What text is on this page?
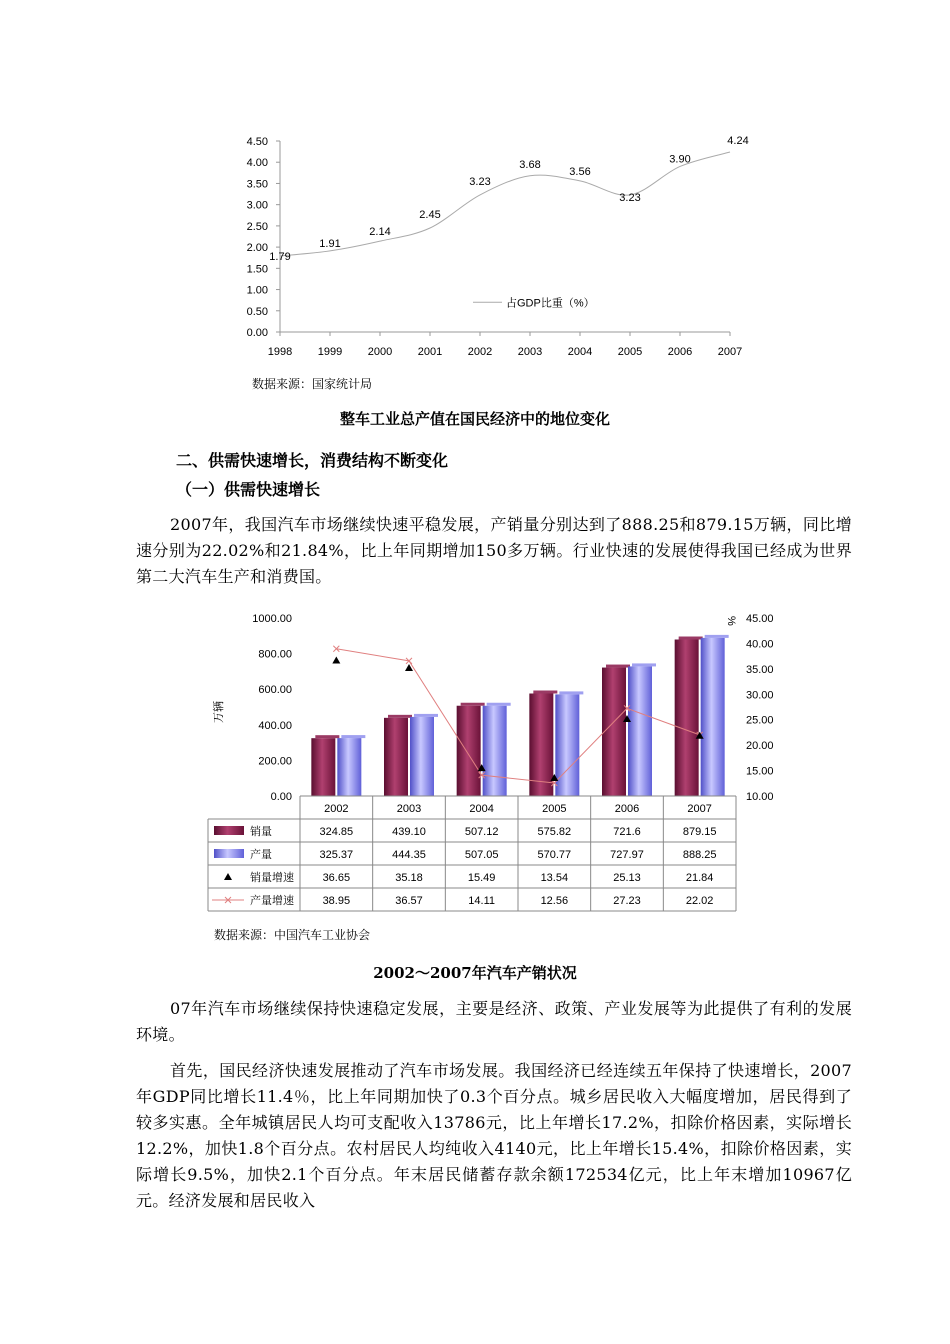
4.50
4.00
3.50
3.00
2.50
2.00
1.50
1.00
0.50
0.00
1998 1999 2000 2001 2002 2003 2004 2005 2006 2007
1.79
1.91
2.14
2.45
3.23
3.68
3.56
3.23
3.90
4.24
占GDP比重（%）
数据来源：国家统计局
整车工业总产值在国民经济中的地位变化
二、供需快速增长，消费结构不断变化
（一）供需快速增长
2007年，我国汽车市场继续快速平稳发展，产销量分别达到了888.25和879.15万辆，同比增速分别为22.02%和21.84%，比上年同期增加150多万辆。行业快速的发展使得我国已经成为世界第二大汽车生产和消费国。
1000.00
800.00
600.00
400.00
200.00
0.00
45.00
40.00
35.00
30.00
25.00
20.00
15.00
10.00
万辆
%
2002	2003	2004	2005	2006	2007
销量	324.85	439.10	507.12	575.82	721.6	879.15
产量	325.37	444.35	507.05	570.77	727.97	888.25
销量增速	36.65	35.18	15.49	13.54	25.13	21.84
产量增速	38.95	36.57	14.11	12.56	27.23	22.02
数据来源：中国汽车工业协会
2002～2007年汽车产销状况
07年汽车市场继续保持快速稳定发展，主要是经济、政策、产业发展等为此提供了有利的发展环境。
首先，国民经济快速发展推动了汽车市场发展。我国经济已经连续五年保持了快速增长，2007年GDP同比增长11.4％，比上年同期加快了0.3个百分点。城乡居民收入大幅度增加，居民得到了较多实惠。全年城镇居民人均可支配收入13786元，比上年增长17.2%，扣除价格因素，实际增长12.2%，加快1.8个百分点。农村居民人均纯收入4140元，比上年增长15.4%，扣除价格因素，实际增长9.5%，加快2.1个百分点。年末居民储蓄存款余额172534亿元，比上年末增加10967亿元。经济发展和居民收入
